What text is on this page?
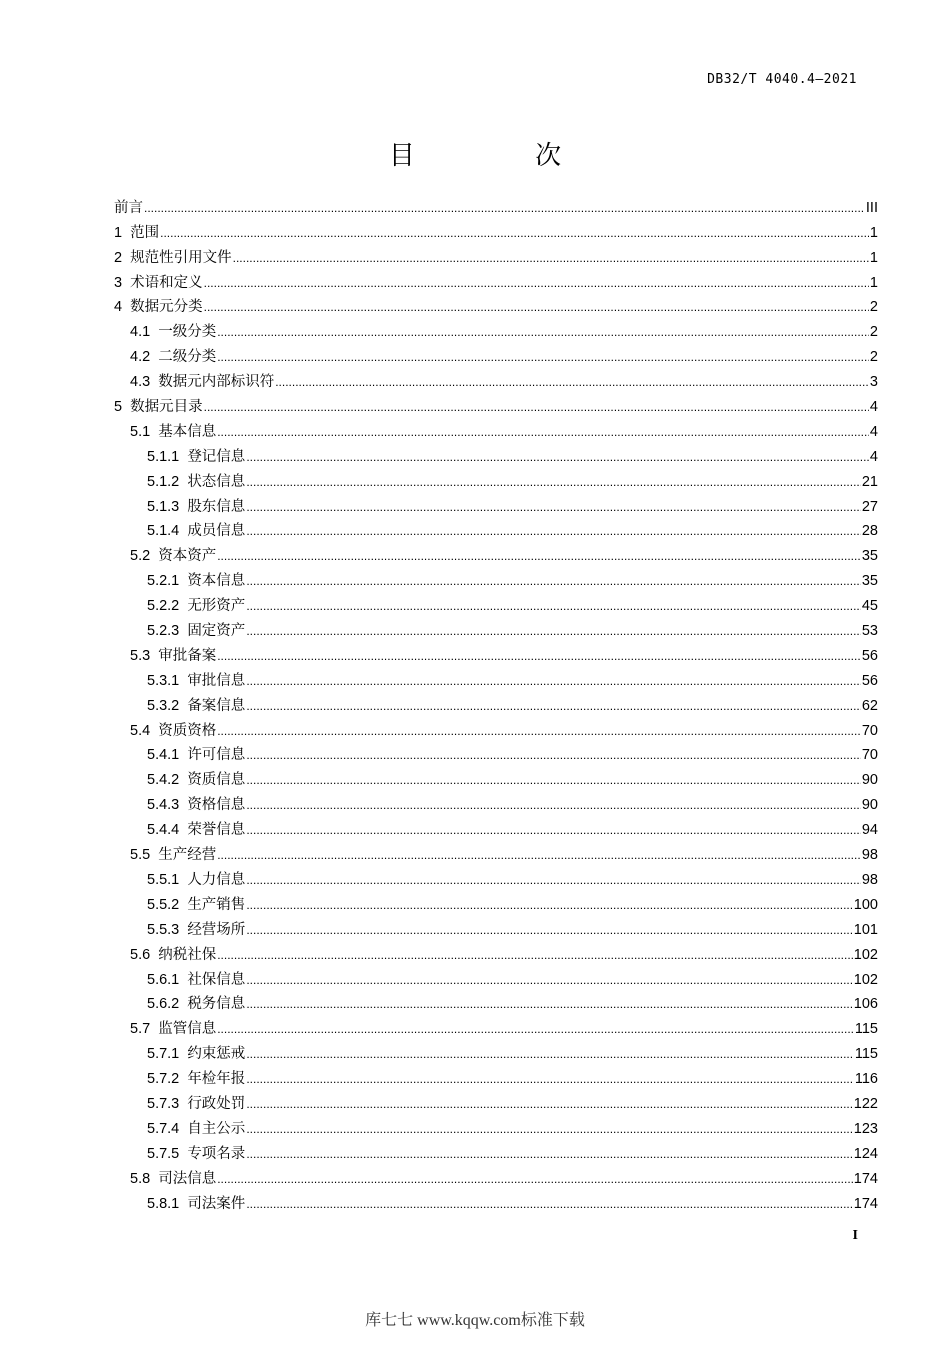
DB32/T 4040.4—2021
目 次
前言 .....	III
1 范围 .....	1
2 规范性引用文件 .....	1
3 术语和定义 .....	1
4 数据元分类 .....	2
4.1 一级分类 .....	2
4.2 二级分类 .....	2
4.3 数据元内部标识符 .....	3
5 数据元目录 .....	4
5.1 基本信息 .....	4
5.1.1 登记信息 .....	4
5.1.2 状态信息 .....	21
5.1.3 股东信息 .....	27
5.1.4 成员信息 .....	28
5.2 资本资产 .....	35
5.2.1 资本信息 .....	35
5.2.2 无形资产 .....	45
5.2.3 固定资产 .....	53
5.3 审批备案 .....	56
5.3.1 审批信息 .....	56
5.3.2 备案信息 .....	62
5.4 资质资格 .....	70
5.4.1 许可信息 .....	70
5.4.2 资质信息 .....	90
5.4.3 资格信息 .....	90
5.4.4 荣誉信息 .....	94
5.5 生产经营 .....	98
5.5.1 人力信息 .....	98
5.5.2 生产销售 .....	100
5.5.3 经营场所 .....	101
5.6 纳税社保 .....	102
5.6.1 社保信息 .....	102
5.6.2 税务信息 .....	106
5.7 监管信息 .....	115
5.7.1 约束惩戒 .....	115
5.7.2 年检年报 .....	116
5.7.3 行政处罚 .....	122
5.7.4 自主公示 .....	123
5.7.5 专项名录 .....	124
5.8 司法信息 .....	174
5.8.1 司法案件 .....	174
I
库七七 www.kqqw.com标准下载
